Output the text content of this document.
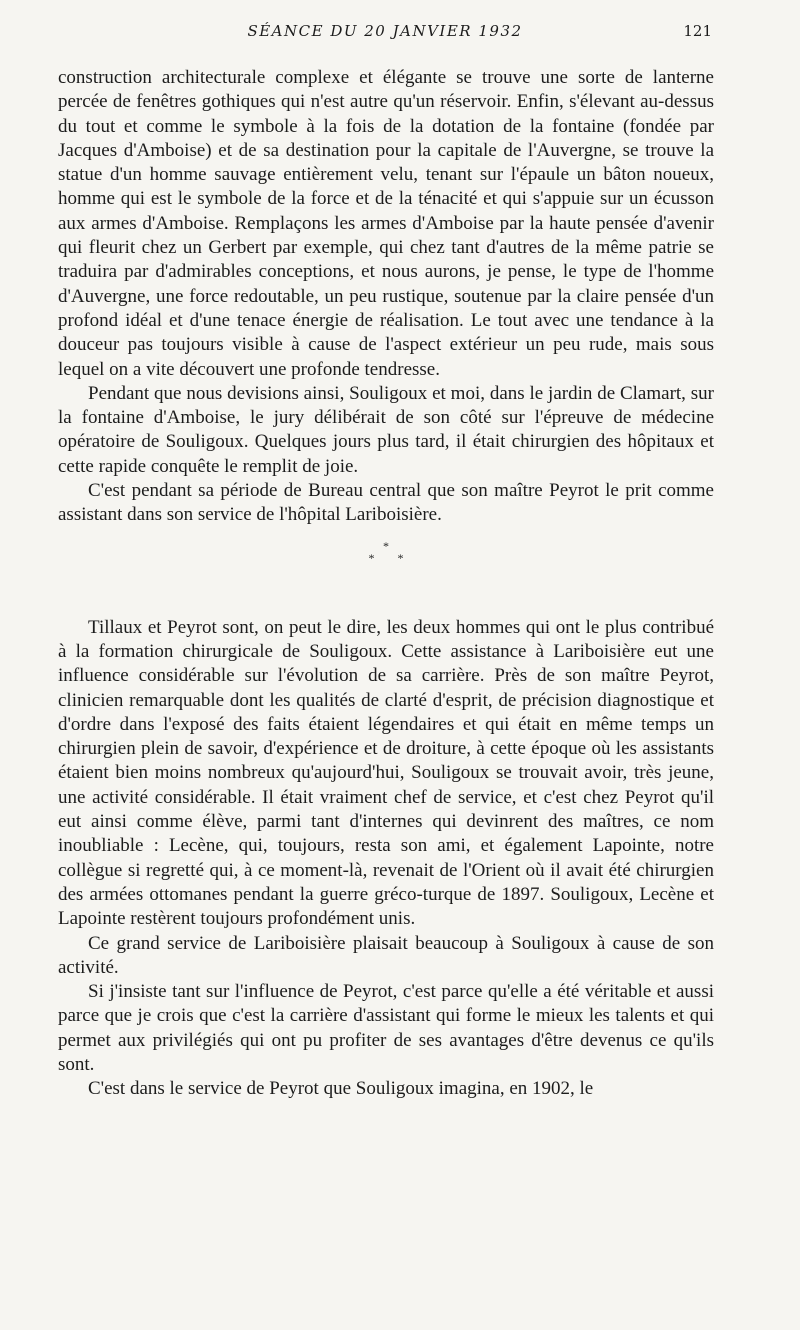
SÉANCE DU 20 JANVIER 1932	121

construction architecturale complexe et élégante se trouve une sorte de lanterne percée de fenêtres gothiques qui n'est autre qu'un réservoir. Enfin, s'élevant au-dessus du tout et comme le symbole à la fois de la dotation de la fontaine (fondée par Jacques d'Amboise) et de sa destination pour la capitale de l'Auvergne, se trouve la statue d'un homme sauvage entièrement velu, tenant sur l'épaule un bâton noueux, homme qui est le symbole de la force et de la ténacité et qui s'appuie sur un écusson aux armes d'Amboise. Remplaçons les armes d'Amboise par la haute pensée d'avenir qui fleurit chez un Gerbert par exemple, qui chez tant d'autres de la même patrie se traduira par d'admirables conceptions, et nous aurons, je pense, le type de l'homme d'Auvergne, une force redoutable, un peu rustique, soutenue par la claire pensée d'un profond idéal et d'une tenace énergie de réalisation. Le tout avec une tendance à la douceur pas toujours visible à cause de l'aspect extérieur un peu rude, mais sous lequel on a vite découvert une profonde tendresse.

Pendant que nous devisions ainsi, Souligoux et moi, dans le jardin de Clamart, sur la fontaine d'Amboise, le jury délibérait de son côté sur l'épreuve de médecine opératoire de Souligoux. Quelques jours plus tard, il était chirurgien des hôpitaux et cette rapide conquête le remplit de joie.

C'est pendant sa période de Bureau central que son maître Peyrot le prit comme assistant dans son service de l'hôpital Lariboisière.

*
* *

Tillaux et Peyrot sont, on peut le dire, les deux hommes qui ont le plus contribué à la formation chirurgicale de Souligoux. Cette assistance à Lariboisière eut une influence considérable sur l'évolution de sa carrière. Près de son maître Peyrot, clinicien remarquable dont les qualités de clarté d'esprit, de précision diagnostique et d'ordre dans l'exposé des faits étaient légendaires et qui était en même temps un chirurgien plein de savoir, d'expérience et de droiture, à cette époque où les assistants étaient bien moins nombreux qu'aujourd'hui, Souligoux se trouvait avoir, très jeune, une activité considérable. Il était vraiment chef de service, et c'est chez Peyrot qu'il eut ainsi comme élève, parmi tant d'internes qui devinrent des maîtres, ce nom inoubliable : Lecène, qui, toujours, resta son ami, et également Lapointe, notre collègue si regretté qui, à ce moment-là, revenait de l'Orient où il avait été chirurgien des armées ottomanes pendant la guerre gréco-turque de 1897. Souligoux, Lecène et Lapointe restèrent toujours profondément unis.

Ce grand service de Lariboisière plaisait beaucoup à Souligoux à cause de son activité.

Si j'insiste tant sur l'influence de Peyrot, c'est parce qu'elle a été véritable et aussi parce que je crois que c'est la carrière d'assistant qui forme le mieux les talents et qui permet aux privilégiés qui ont pu profiter de ses avantages d'être devenus ce qu'ils sont.

C'est dans le service de Peyrot que Souligoux imagina, en 1902, le
